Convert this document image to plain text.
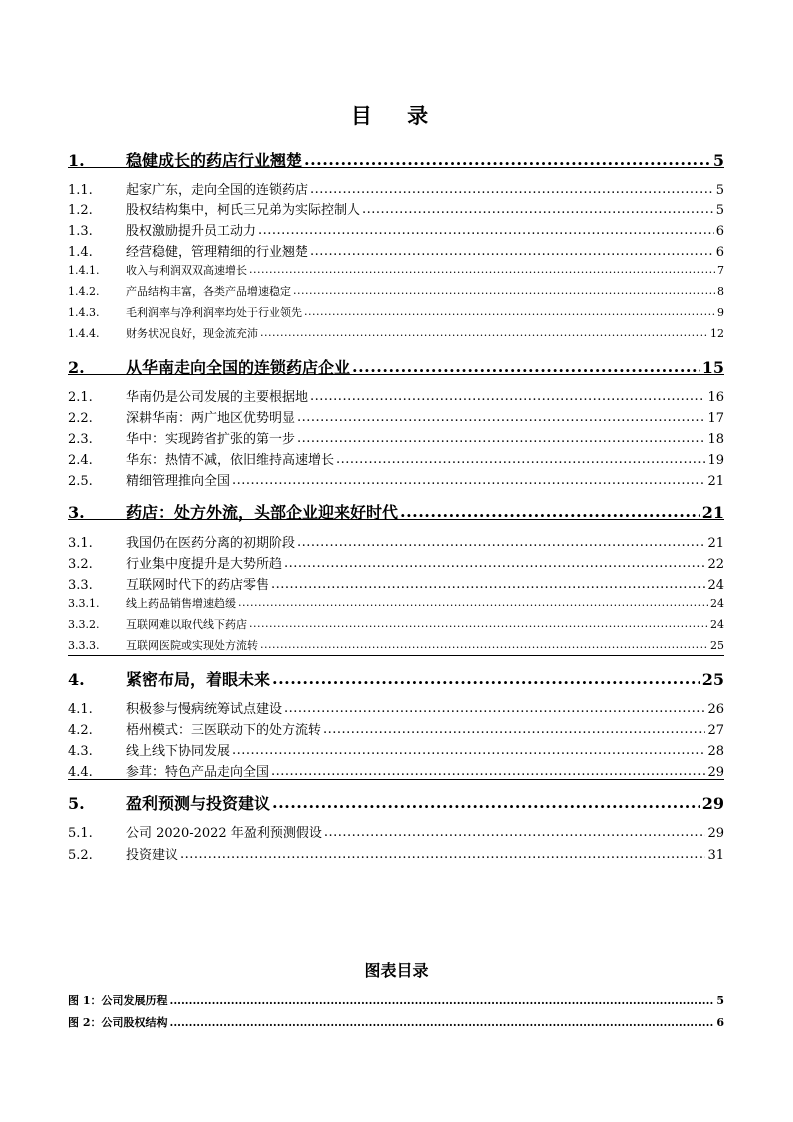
目 录
1.	稳健成长的药店行业翘楚 .....	5
1.1.	起家广东，走向全国的连锁药店 .....	5
1.2.	股权结构集中，柯氏三兄弟为实际控制人 .....	5
1.3.	股权激励提升员工动力 .....	6
1.4.	经营稳健，管理精细的行业翘楚 .....	6
1.4.1.	收入与利润双双高速增长 .....	7
1.4.2.	产品结构丰富，各类产品增速稳定 .....	8
1.4.3.	毛利润率与净利润率均处于行业领先 .....	9
1.4.4.	财务状况良好，现金流充沛 .....	12
2.	从华南走向全国的连锁药店企业 .....	15
2.1.	华南仍是公司发展的主要根据地 .....	16
2.2.	深耕华南：两广地区优势明显 .....	17
2.3.	华中：实现跨省扩张的第一步 .....	18
2.4.	华东：热情不减，依旧维持高速增长 .....	19
2.5.	精细管理推向全国 .....	21
3.	药店：处方外流，头部企业迎来好时代 .....	21
3.1.	我国仍在医药分离的初期阶段 .....	21
3.2.	行业集中度提升是大势所趋 .....	22
3.3.	互联网时代下的药店零售 .....	24
3.3.1.	线上药品销售增速趋缓 .....	24
3.3.2.	互联网难以取代线下药店 .....	24
3.3.3.	互联网医院或实现处方流转 .....	25
4.	紧密布局，着眼未来 .....	25
4.1.	积极参与慢病统筹试点建设 .....	26
4.2.	梧州模式：三医联动下的处方流转 .....	27
4.3.	线上线下协同发展 .....	28
4.4.	参茸：特色产品走向全国 .....	29
5.	盈利预测与投资建议 .....	29
5.1.	公司 2020-2022 年盈利预测假设 .....	29
5.2.	投资建议 .....	31
图表目录
图 1：公司发展历程 .....	5
图 2：公司股权结构 .....	6
